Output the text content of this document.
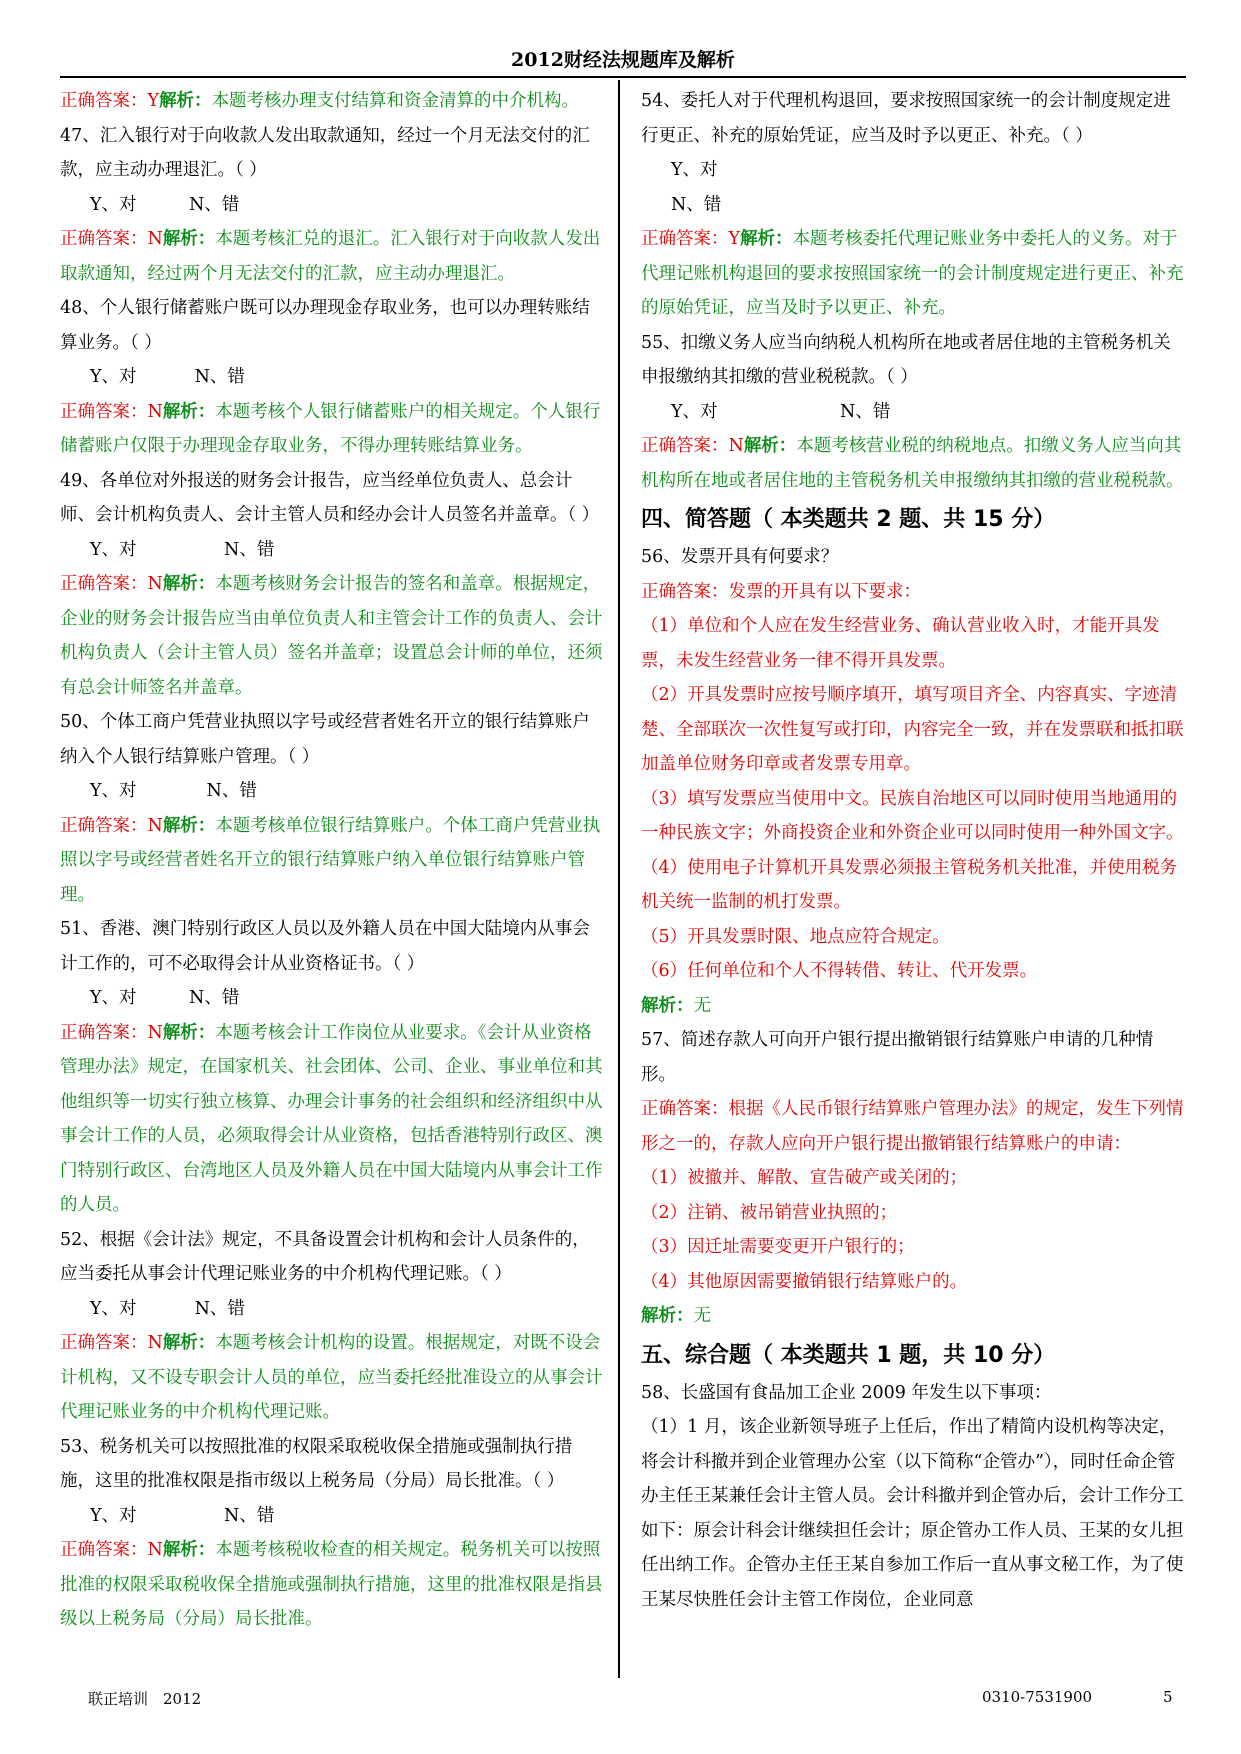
2012财经法规题库及解析

正确答案：Y解析：本题考核办理支付结算和资金清算的中介机构。

47、汇入银行对于向收款人发出取款通知，经过一个月无法交付的汇款，应主动办理退汇。（ ）

Y、对　　　N、错

正确答案：N解析：本题考核汇兑的退汇。汇入银行对于向收款人发出取款通知，经过两个月无法交付的汇款，应主动办理退汇。

48、个人银行储蓄账户既可以办理现金存取业务，也可以办理转账结算业务。（ ）

Y、对　　　 N、错

正确答案：N解析：本题考核个人银行储蓄账户的相关规定。个人银行储蓄账户仅限于办理现金存取业务，不得办理转账结算业务。

49、各单位对外报送的财务会计报告，应当经单位负责人、总会计师、会计机构负责人、会计主管人员和经办会计人员签名并盖章。（ ）

Y、对　　　　　N、错

正确答案：N解析：本题考核财务会计报告的签名和盖章。根据规定，企业的财务会计报告应当由单位负责人和主管会计工作的负责人、会计机构负责人（会计主管人员）签名并盖章；设置总会计师的单位，还须有总会计师签名并盖章。

50、个体工商户凭营业执照以字号或经营者姓名开立的银行结算账户纳入个人银行结算账户管理。（ ）

Y、对　　　　N、错

正确答案：N解析：本题考核单位银行结算账户。个体工商户凭营业执照以字号或经营者姓名开立的银行结算账户纳入单位银行结算账户管理。

51、香港、澳门特别行政区人员以及外籍人员在中国大陆境内从事会计工作的，可不必取得会计从业资格证书。（ ）

Y、对　　　N、错

正确答案：N解析：本题考核会计工作岗位从业要求。《会计从业资格管理办法》规定，在国家机关、社会团体、公司、企业、事业单位和其他组织等一切实行独立核算、办理会计事务的社会组织和经济组织中从事会计工作的人员，必须取得会计从业资格，包括香港特别行政区、澳门特别行政区、台湾地区人员及外籍人员在中国大陆境内从事会计工作的人员。

52、根据《会计法》规定，不具备设置会计机构和会计人员条件的，应当委托从事会计代理记账业务的中介机构代理记账。（ ）

Y、对　　　 N、错

正确答案：N解析：本题考核会计机构的设置。根据规定，对既不设会计机构，又不设专职会计人员的单位，应当委托经批准设立的从事会计代理记账业务的中介机构代理记账。

53、税务机关可以按照批准的权限采取税收保全措施或强制执行措施，这里的批准权限是指市级以上税务局（分局）局长批准。（ ）

Y、对　　　　　N、错

正确答案：N解析：本题考核税收检查的相关规定。税务机关可以按照批准的权限采取税收保全措施或强制执行措施，这里的批准权限是指县级以上税务局（分局）局长批准。

54、委托人对于代理机构退回，要求按照国家统一的会计制度规定进行更正、补充的原始凭证，应当及时予以更正、补充。（ ）

Y、对

N、错

正确答案：Y解析：本题考核委托代理记账业务中委托人的义务。对于代理记账机构退回的要求按照国家统一的会计制度规定进行更正、补充的原始凭证，应当及时予以更正、补充。

55、扣缴义务人应当向纳税人机构所在地或者居住地的主管税务机关申报缴纳其扣缴的营业税税款。（ ）

Y、对　　　　　　　N、错

正确答案：N解析：本题考核营业税的纳税地点。扣缴义务人应当向其机构所在地或者居住地的主管税务机关申报缴纳其扣缴的营业税税款。

四、简答题（ 本类题共 2 题、共 15 分）

56、发票开具有何要求？

正确答案：发票的开具有以下要求：

（1）单位和个人应在发生经营业务、确认营业收入时，才能开具发票，未发生经营业务一律不得开具发票。

（2）开具发票时应按号顺序填开，填写项目齐全、内容真实、字迹清楚、全部联次一次性复写或打印，内容完全一致，并在发票联和抵扣联加盖单位财务印章或者发票专用章。

（3）填写发票应当使用中文。民族自治地区可以同时使用当地通用的一种民族文字；外商投资企业和外资企业可以同时使用一种外国文字。

（4）使用电子计算机开具发票必须报主管税务机关批准，并使用税务机关统一监制的机打发票。

（5）开具发票时限、地点应符合规定。

（6）任何单位和个人不得转借、转让、代开发票。

解析：无

57、简述存款人可向开户银行提出撤销银行结算账户申请的几种情形。

正确答案：根据《人民币银行结算账户管理办法》的规定，发生下列情形之一的，存款人应向开户银行提出撤销银行结算账户的申请：

（1）被撤并、解散、宣告破产或关闭的；

（2）注销、被吊销营业执照的；

（3）因迁址需要变更开户银行的；

（4）其他原因需要撤销银行结算账户的。

解析：无

五、综合题（ 本类题共 1 题，共 10 分）

58、长盛国有食品加工企业 2009 年发生以下事项：

（1）1 月，该企业新领导班子上任后，作出了精简内设机构等决定，将会计科撤并到企业管理办公室（以下简称“企管办”），同时任命企管办主任王某兼任会计主管人员。会计科撤并到企管办后，会计工作分工如下：原会计科会计继续担任会计；原企管办工作人员、王某的女儿担任出纳工作。企管办主任王某自参加工作后一直从事文秘工作，为了使王某尽快胜任会计主管工作岗位，企业同意

联正培训　2012	0310-7531900	5
